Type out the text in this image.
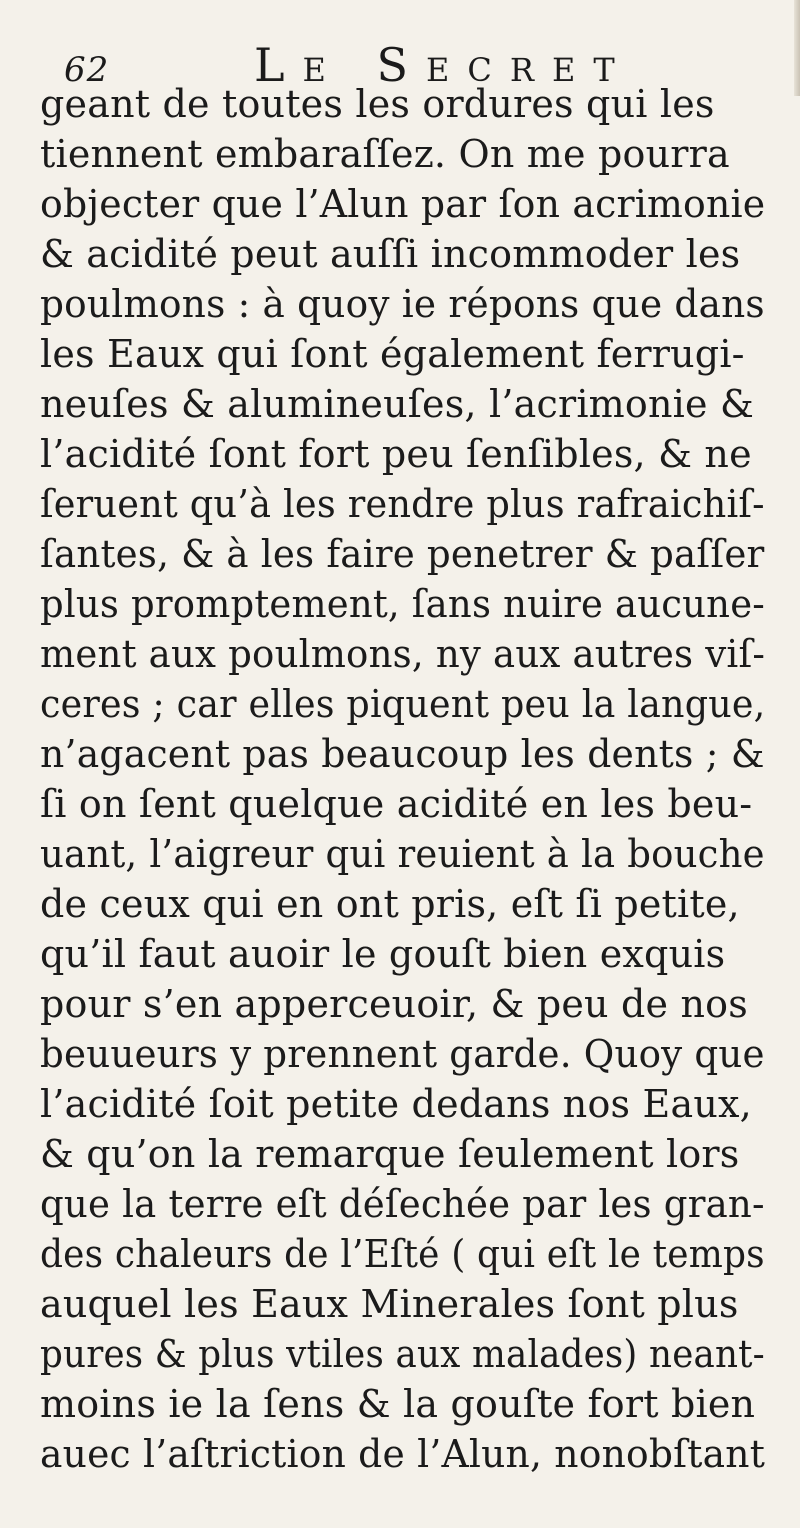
62	Le Secret
geant de toutes les ordures qui les
tiennent embaraſſez. On me pourra
objecter que l’Alun par ſon acrimonie
& acidité peut auſſi incommoder les
poulmons : à quoy ie répons que dans
les Eaux qui ſont également ferrugi-
neuſes & alumineuſes, l’acrimonie &
l’acidité ſont fort peu ſenſibles, & ne
ſeruent qu’à les rendre plus rafraichiſ-
ſantes, & à les faire penetrer & paſſer
plus promptement, ſans nuire aucune-
ment aux poulmons, ny aux autres viſ-
ceres ; car elles piquent peu la langue,
n’agacent pas beaucoup les dents ; &
ſi on ſent quelque acidité en les beu-
uant, l’aigreur qui reuient à la bouche
de ceux qui en ont pris, eſt ſi petite,
qu’il faut auoir le gouſt bien exquis
pour s’en apperceuoir, & peu de nos
beuueurs y prennent garde. Quoy que
l’acidité ſoit petite dedans nos Eaux,
& qu’on la remarque ſeulement lors
que la terre eſt déſechée par les gran-
des chaleurs de l’Eſté ( qui eſt le temps
auquel les Eaux Minerales ſont plus
pures & plus vtiles aux malades) neant-
moins ie la ſens & la gouſte fort bien
auec l’aſtriction de l’Alun, nonobſtant
